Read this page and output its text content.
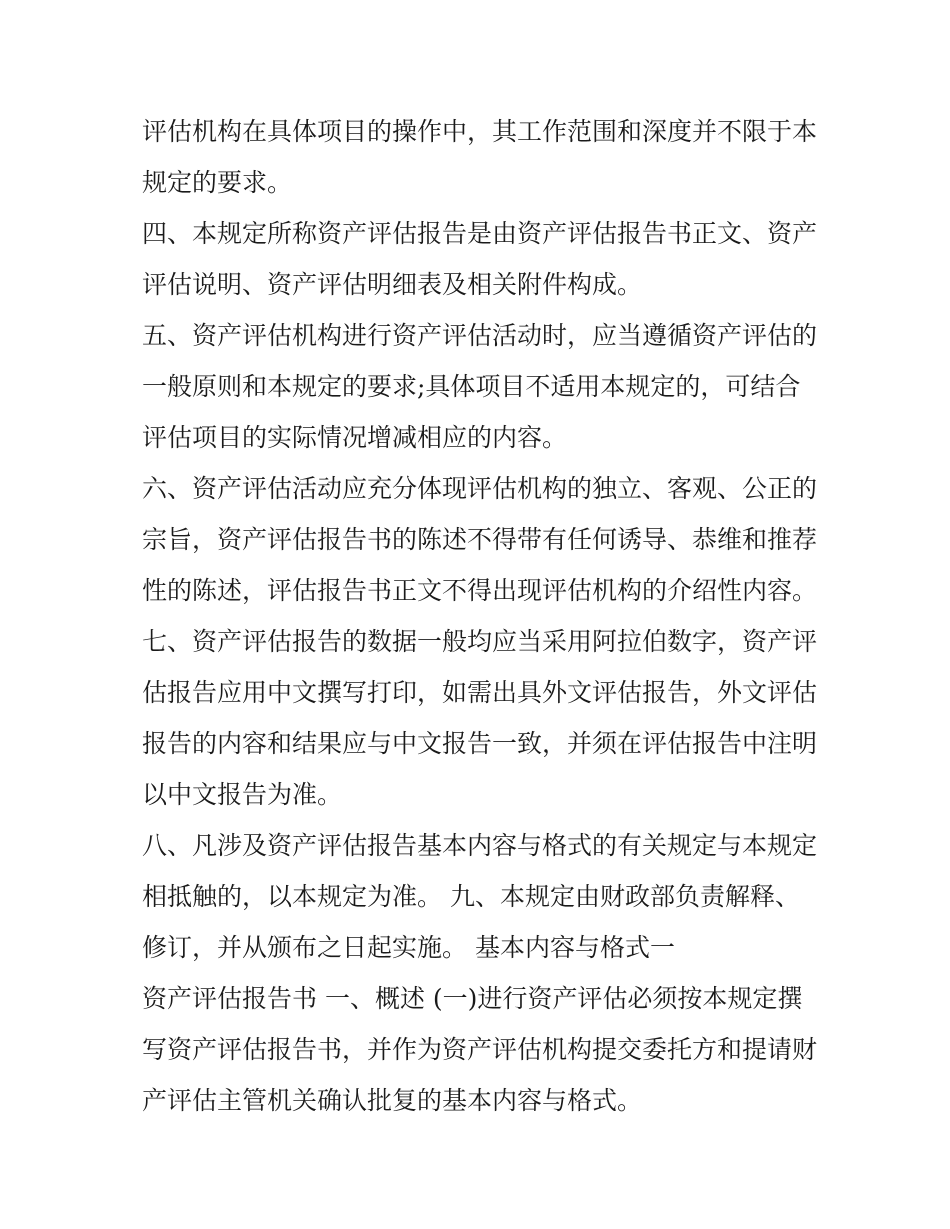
评估机构在具体项目的操作中，其工作范围和深度并不限于本
规定的要求。
四、本规定所称资产评估报告是由资产评估报告书正文、资产
评估说明、资产评估明细表及相关附件构成。
五、资产评估机构进行资产评估活动时，应当遵循资产评估的
一般原则和本规定的要求;具体项目不适用本规定的，可结合
评估项目的实际情况增减相应的内容。
六、资产评估活动应充分体现评估机构的独立、客观、公正的
宗旨，资产评估报告书的陈述不得带有任何诱导、恭维和推荐
性的陈述，评估报告书正文不得出现评估机构的介绍性内容。
七、资产评估报告的数据一般均应当采用阿拉伯数字，资产评
估报告应用中文撰写打印，如需出具外文评估报告，外文评估
报告的内容和结果应与中文报告一致，并须在评估报告中注明
以中文报告为准。
八、凡涉及资产评估报告基本内容与格式的有关规定与本规定
相抵触的，以本规定为准。 九、本规定由财政部负责解释、
修订，并从颁布之日起实施。 基本内容与格式一
资产评估报告书 一、概述 (一)进行资产评估必须按本规定撰
写资产评估报告书，并作为资产评估机构提交委托方和提请财
产评估主管机关确认批复的基本内容与格式。
